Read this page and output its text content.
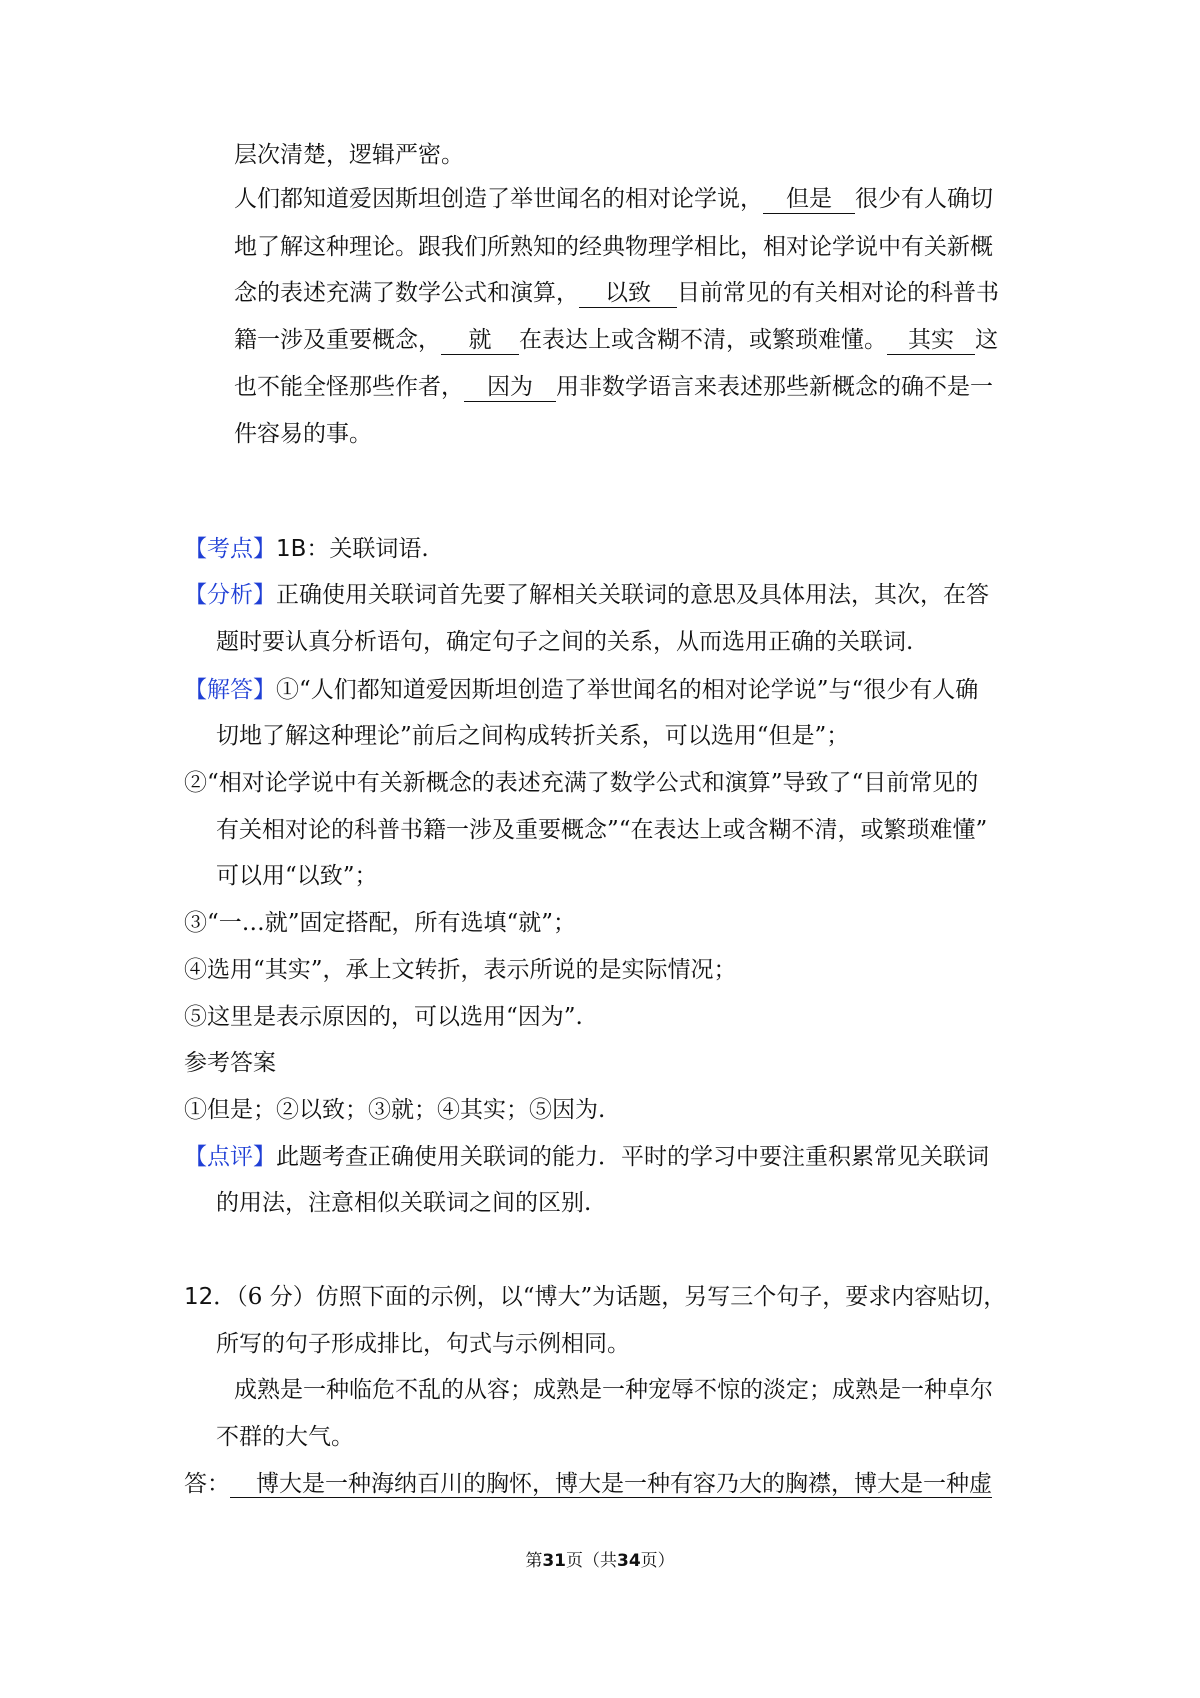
层次清楚，逻辑严密。
人们都知道爱因斯坦创造了举世闻名的相对论学说， 但是 很少有人确切
地了解这种理论。跟我们所熟知的经典物理学相比，相对论学说中有关新概
念的表述充满了数学公式和演算， 以致 目前常见的有关相对论的科普书
籍一涉及重要概念， 就 在表达上或含糊不清，或繁琐难懂。 其实 这
也不能全怪那些作者， 因为 用非数学语言来表述那些新概念的确不是一
件容易的事。
【考点】1B：关联词语.
【分析】正确使用关联词首先要了解相关关联词的意思及具体用法，其次，在答
题时要认真分析语句，确定句子之间的关系，从而选用正确的关联词.
【解答】①“人们都知道爱因斯坦创造了举世闻名的相对论学说”与“很少有人确
切地了解这种理论”前后之间构成转折关系，可以选用“但是”；
②“相对论学说中有关新概念的表述充满了数学公式和演算”导致了“目前常见的
有关相对论的科普书籍一涉及重要概念”“在表达上或含糊不清，或繁琐难懂”
可以用“以致”；
③“一…就”固定搭配，所有选填“就”；
④选用“其实”，承上文转折，表示所说的是实际情况；
⑤这里是表示原因的，可以选用“因为”.
参考答案
①但是；②以致；③就；④其实；⑤因为.
【点评】此题考查正确使用关联词的能力．平时的学习中要注重积累常见关联词
的用法，注意相似关联词之间的区别.
12．（6 分）仿照下面的示例，以“博大”为话题，另写三个句子，要求内容贴切，
所写的句子形成排比，句式与示例相同。
成熟是一种临危不乱的从容；成熟是一种宠辱不惊的淡定；成熟是一种卓尔
不群的大气。
答： 博大是一种海纳百川的胸怀，博大是一种有容乃大的胸襟，博大是一种虚
第31页（共34页）
